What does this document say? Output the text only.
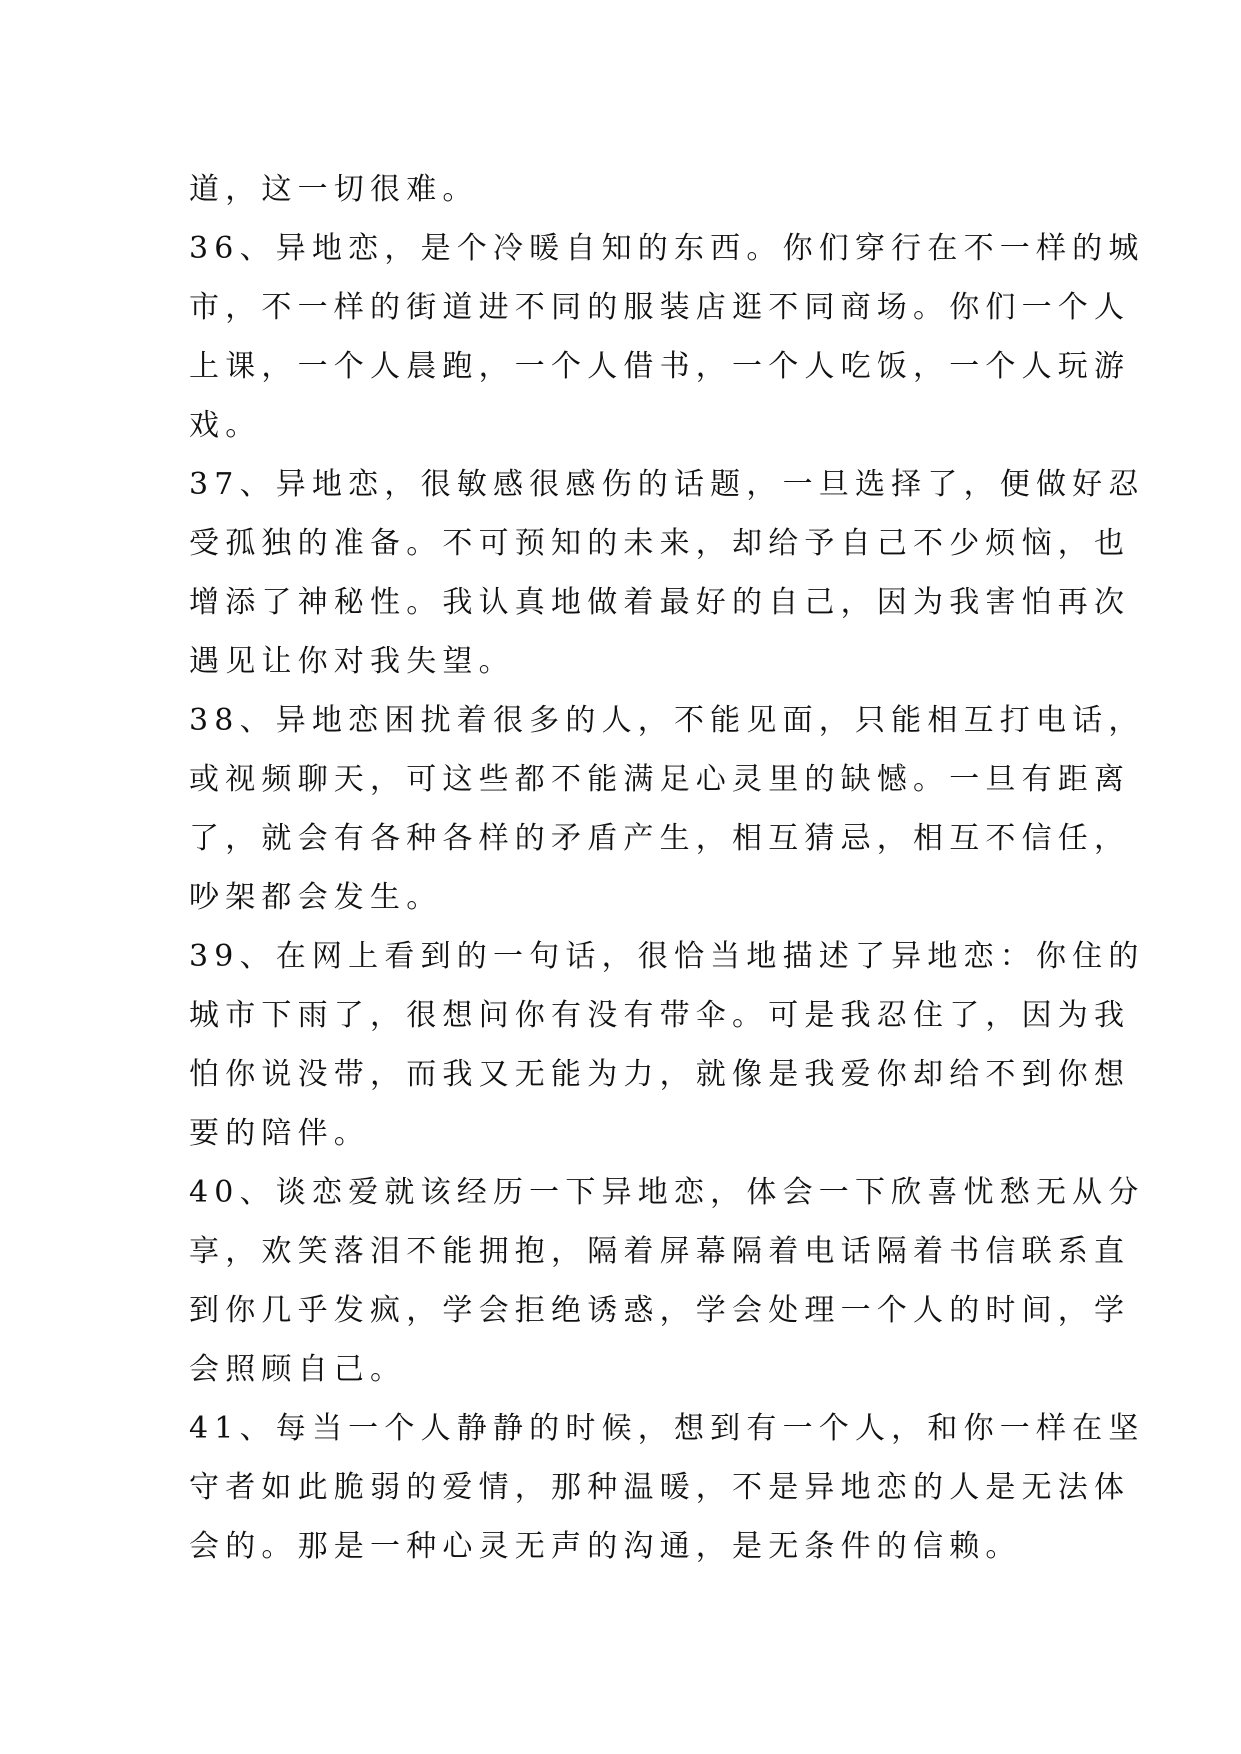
道，这一切很难。
36、异地恋，是个冷暖自知的东西。你们穿行在不一样的城
市，不一样的街道进不同的服装店逛不同商场。你们一个人
上课，一个人晨跑，一个人借书，一个人吃饭，一个人玩游
戏。
37、异地恋，很敏感很感伤的话题，一旦选择了，便做好忍
受孤独的准备。不可预知的未来，却给予自己不少烦恼，也
增添了神秘性。我认真地做着最好的自己，因为我害怕再次
遇见让你对我失望。
38、异地恋困扰着很多的人，不能见面，只能相互打电话，
或视频聊天，可这些都不能满足心灵里的缺憾。一旦有距离
了，就会有各种各样的矛盾产生，相互猜忌，相互不信任，
吵架都会发生。
39、在网上看到的一句话，很恰当地描述了异地恋：你住的
城市下雨了，很想问你有没有带伞。可是我忍住了，因为我
怕你说没带，而我又无能为力，就像是我爱你却给不到你想
要的陪伴。
40、谈恋爱就该经历一下异地恋，体会一下欣喜忧愁无从分
享，欢笑落泪不能拥抱，隔着屏幕隔着电话隔着书信联系直
到你几乎发疯，学会拒绝诱惑，学会处理一个人的时间，学
会照顾自己。
41、每当一个人静静的时候，想到有一个人，和你一样在坚
守者如此脆弱的爱情，那种温暖，不是异地恋的人是无法体
会的。那是一种心灵无声的沟通，是无条件的信赖。
